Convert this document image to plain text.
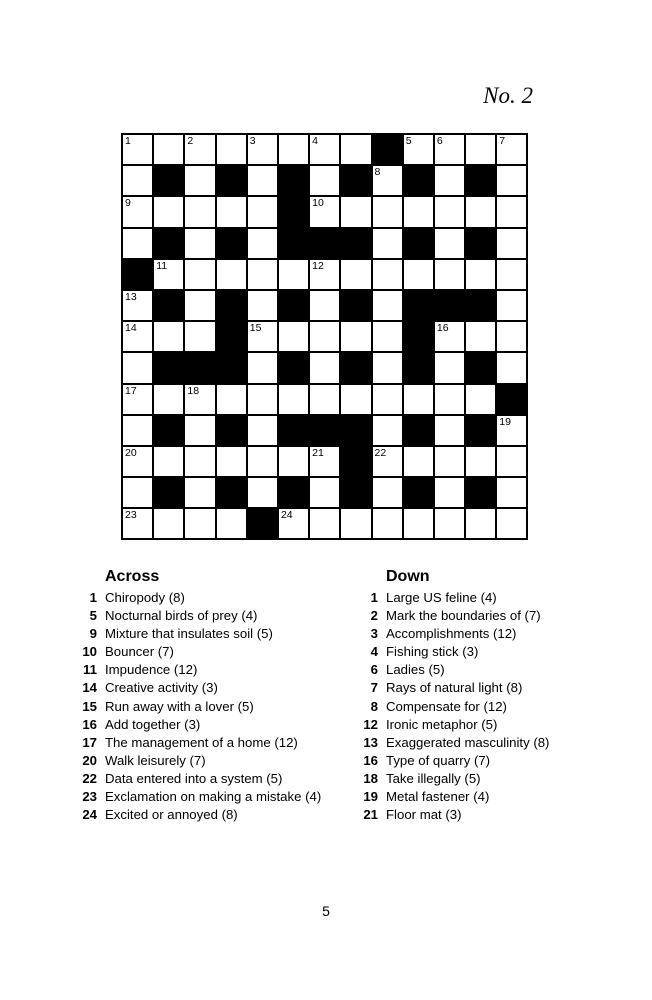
No. 2
1	2	3	4	5 6	7
8
9	10
11	12
13
14	15	16
17	18
19
20	21	22
23	24
Across
1 Chiropody (8)
5 Nocturnal birds of prey (4)
9 Mixture that insulates soil (5)
10 Bouncer (7)
11 Impudence (12)
14 Creative activity (3)
15 Run away with a lover (5)
16 Add together (3)
17 The management of a home (12)
20 Walk leisurely (7)
22 Data entered into a system (5)
23 Exclamation on making a mistake (4)
24 Excited or annoyed (8)
Down
1 Large US feline (4)
2 Mark the boundaries of (7)
3 Accomplishments (12)
4 Fishing stick (3)
6 Ladies (5)
7 Rays of natural light (8)
8 Compensate for (12)
12 Ironic metaphor (5)
13 Exaggerated masculinity (8)
16 Type of quarry (7)
18 Take illegally (5)
19 Metal fastener (4)
21 Floor mat (3)
5
